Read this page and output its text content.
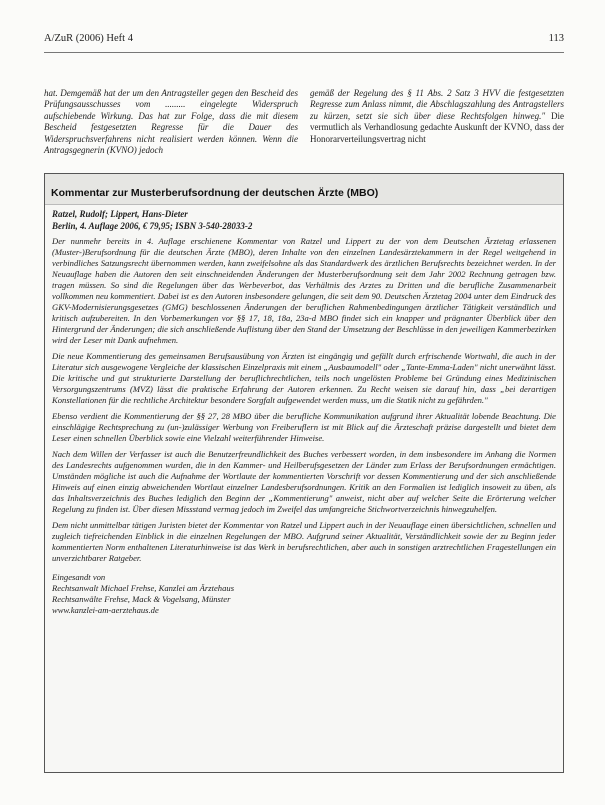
A/ZuR (2006) Heft 4	113
hat. Demgemäß hat der um den Antragsteller gegen den Bescheid des Prüfungsausschusses vom ......... eingelegte Widerspruch aufschiebende Wirkung. Das hat zur Folge, dass die mit diesem Bescheid festgesetzten Regresse für die Dauer des Widerspruchsverfahrens nicht realisiert werden können. Wenn die Antragsgegnerin (KVNO) jedoch
gemäß der Regelung des § 11 Abs. 2 Satz 3 HVV die festgesetzten Regresse zum Anlass nimmt, die Abschlagszahlung des Antragstellers zu kürzen, setzt sie sich über diese Rechtsfolgen hinweg." Die vermutlich als Verhandlosung gedachte Auskunft der KVNO, dass der Honorarverteilungsvertrag nicht
Kommentar zur Musterberufsordnung der deutschen Ärzte (MBO)
Ratzel, Rudolf; Lippert, Hans-Dieter
Berlin, 4. Auflage 2006, € 79,95; ISBN 3-540-28033-2

Der nunmehr bereits in 4. Auflage erschienene Kommentar von Ratzel und Lippert zu der von dem Deutschen Ärztetag erlassenen (Muster-)Berufsordnung für die deutschen Ärzte (MBO), deren Inhalte von den einzelnen Landesärztekammern in der Regel weitgehend in verbindliches Satzungsrecht übernommen werden, kann zweifelsohne als das Standardwerk des ärztlichen Berufsrechts bezeichnet werden. In der Neuauflage haben die Autoren den seit einschneidenden Änderungen der Musterberufsordnung seit dem Jahr 2002 Rechnung getragen bzw. tragen müssen. So sind die Regelungen über das Werbeverbot, das Verhältnis des Arztes zu Dritten und die berufliche Zusammenarbeit vollkommen neu kommentiert. Dabei ist es den Autoren insbesondere gelungen, die seit dem 90. Deutschen Ärztetag 2004 unter dem Eindruck des GKV-Modernisierungsgesetzes (GMG) beschlossenen Änderungen der beruflichen Rahmenbedingungen ärztlicher Tätigkeit verständlich und kritisch aufzubereiten. In den Vorbemerkungen vor §§ 17, 18, 18a, 23a-d MBO findet sich ein knapper und prägnanter Überblick über den Hintergrund der Änderungen; die sich anschließende Auflistung über den Stand der Umsetzung der Beschlüsse in den jeweiligen Kammerbezirken wird der Leser mit Dank aufnehmen.

Die neue Kommentierung des gemeinsamen Berufsausübung von Ärzten ist eingängig und gefällt durch erfrischende Wortwahl, die auch in der Literatur sich ausgewogene Vergleiche der klassischen Einzelpraxis mit einem „Ausbaumodell" oder „Tante-Emma-Laden" nicht unerwähnt lässt. Die kritische und gut strukturierte Darstellung der beruflichrechtlichen, teils noch ungelösten Probleme bei Gründung eines Medizinischen Versorgungszentrums (MVZ) lässt die praktische Erfahrung der Autoren erkennen. Zu Recht weisen sie darauf hin, dass „bei derartigen Konstellationen für die rechtliche Architektur besondere Sorgfalt aufgewendet werden muss, um die Statik nicht zu gefährden."

Ebenso verdient die Kommentierung der §§ 27, 28 MBO über die berufliche Kommunikation aufgrund ihrer Aktualität lobende Beachtung. Die einschlägige Rechtsprechung zu (un-)zulässiger Werbung von Freiberuflern ist mit Blick auf die Ärzteschaft präzise dargestellt und bietet dem Leser einen schnellen Überblick sowie eine Vielzahl weiterführender Hinweise.

Nach dem Willen der Verfasser ist auch die Benutzerfreundlichkeit des Buches verbessert worden, in dem insbesondere im Anhang die Normen des Landesrechts aufgenommen wurden, die in den Kammer- und Heilberufsgesetzen der Länder zum Erlass der Berufsordnungen ermächtigen. Umständen mögliche ist auch die Aufnahme der Wortlaute der kommentierten Vorschrift vor dessen Kommentierung und der sich anschließende Hinweis auf einen einzig abweichenden Wortlaut einzelner Landesberufsordnungen. Kritik an den Formalien ist lediglich insoweit zu üben, als das Inhaltsverzeichnis des Buches lediglich den Beginn der „Kommentierung" anweist, nicht aber auf welcher Seite die Erörterung welcher Regelung zu finden ist. Über diesen Missstand vermag jedoch im Zweifel das umfangreiche Stichwortverzeichnis hinwegzuhelfen.

Dem nicht unmittelbar tätigen Juristen bietet der Kommentar von Ratzel und Lippert auch in der Neuauflage einen übersichtlichen, schnellen und zugleich tiefreichenden Einblick in die einzelnen Regelungen der MBO. Aufgrund seiner Aktualität, Verständlichkeit sowie der zu Beginn jeder kommentierten Norm enthaltenen Literaturhinweise ist das Werk in berufsrechtlichen, aber auch in sonstigen arztrechtlichen Fragestellungen ein unverzichtbarer Ratgeber.

Eingesandt von
Rechtsanwalt Michael Frehse, Kanzlei am Ärztehaus
Rechtsanwälte Frehse, Mack & Vogelsang, Münster
www.kanzlei-am-aerztehaus.de
